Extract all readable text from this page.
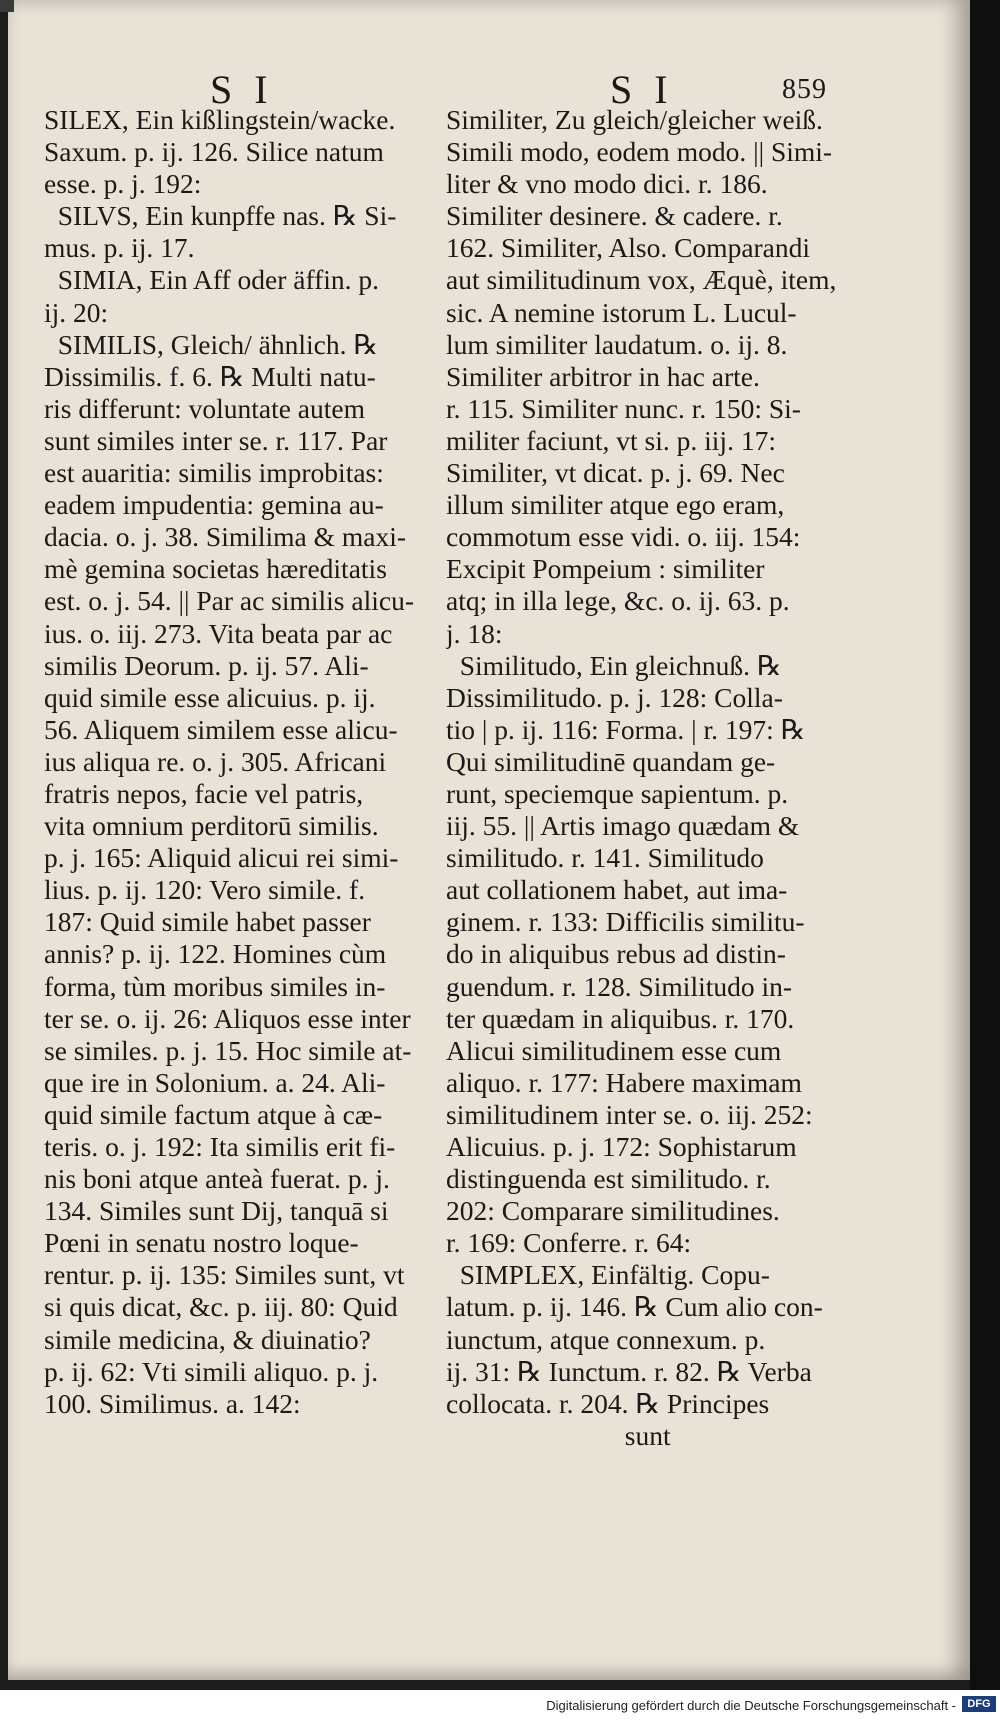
S I	S I	859
SILEX, Ein kißlingstein/wacke.
Saxum. p. ij. 126. Silice natum
esse. p. j. 192:
SILVS, Ein kunpffe nas. ℞ Si-
mus. p. ij. 17.
SIMIA, Ein Aff oder äffin. p.
ij. 20:
SIMILIS, Gleich/ ähnlich. ℞
Dissimilis. f. 6. ℞ Multi natu-
ris differunt: voluntate autem
sunt similes inter se. r. 117. Par
est auaritia: similis improbitas:
eadem impudentia: gemina au-
dacia. o. j. 38. Similima & maxi-
mè gemina societas hæreditatis
est. o. j. 54. || Par ac similis alicu-
ius. o. iij. 273. Vita beata par ac
similis Deorum. p. ij. 57. Ali-
quid simile esse alicuius. p. ij.
56. Aliquem similem esse alicu-
ius aliqua re. o. j. 305. Africani
fratris nepos, facie vel patris,
vita omnium perditorū similis.
p. j. 165: Aliquid alicui rei simi-
lius. p. ij. 120: Vero simile. f.
187: Quid simile habet passer
annis? p. ij. 122. Homines cùm
forma, tùm moribus similes in-
ter se. o. ij. 26: Aliquos esse inter
se similes. p. j. 15. Hoc simile at-
que ire in Solonium. a. 24. Ali-
quid simile factum atque à cæ-
teris. o. j. 192: Ita similis erit fi-
nis boni atque anteà fuerat. p. j.
134. Similes sunt Dij, tanquā si
Pœni in senatu nostro loque-
rentur. p. ij. 135: Similes sunt, vt
si quis dicat, &c. p. iij. 80: Quid
simile medicina, & diuinatio?
p. ij. 62: Vti simili aliquo. p. j.
100. Similimus. a. 142:
Similiter, Zu gleich/gleicher weiß.
Simili modo, eodem modo. || Simi-
liter & vno modo dici. r. 186.
Similiter desinere. & cadere. r.
162. Similiter, Also. Comparandi
aut similitudinum vox, Æquè, item,
sic. A nemine istorum L. Lucul-
lum similiter laudatum. o. ij. 8.
Similiter arbitror in hac arte.
r. 115. Similiter nunc. r. 150: Si-
militer faciunt, vt si. p. iij. 17:
Similiter, vt dicat. p. j. 69. Nec
illum similiter atque ego eram,
commotum esse vidi. o. iij. 154:
Excipit Pompeium : similiter
atq; in illa lege, &c. o. ij. 63. p.
j. 18:
Similitudo, Ein gleichnuß. ℞
Dissimilitudo. p. j. 128: Colla-
tio | p. ij. 116: Forma. | r. 197: ℞
Qui similitudinē quandam ge-
runt, speciemque sapientum. p.
iij. 55. || Artis imago quædam &
similitudo. r. 141. Similitudo
aut collationem habet, aut ima-
ginem. r. 133: Difficilis similitu-
do in aliquibus rebus ad distin-
guendum. r. 128. Similitudo in-
ter quædam in aliquibus. r. 170.
Alicui similitudinem esse cum
aliquo. r. 177: Habere maximam
similitudinem inter se. o. iij. 252:
Alicuius. p. j. 172: Sophistarum
distinguenda est similitudo. r.
202: Comparare similitudines.
r. 169: Conferre. r. 64:
SIMPLEX, Einfältig. Copu-
latum. p. ij. 146. ℞ Cum alio con-
iunctum, atque connexum. p.
ij. 31: ℞ Iunctum. r. 82. ℞ Verba
collocata. r. 204. ℞ Principes
sunt
Digitalisierung gefördert durch die Deutsche Forschungsgemeinschaft -	DFG
